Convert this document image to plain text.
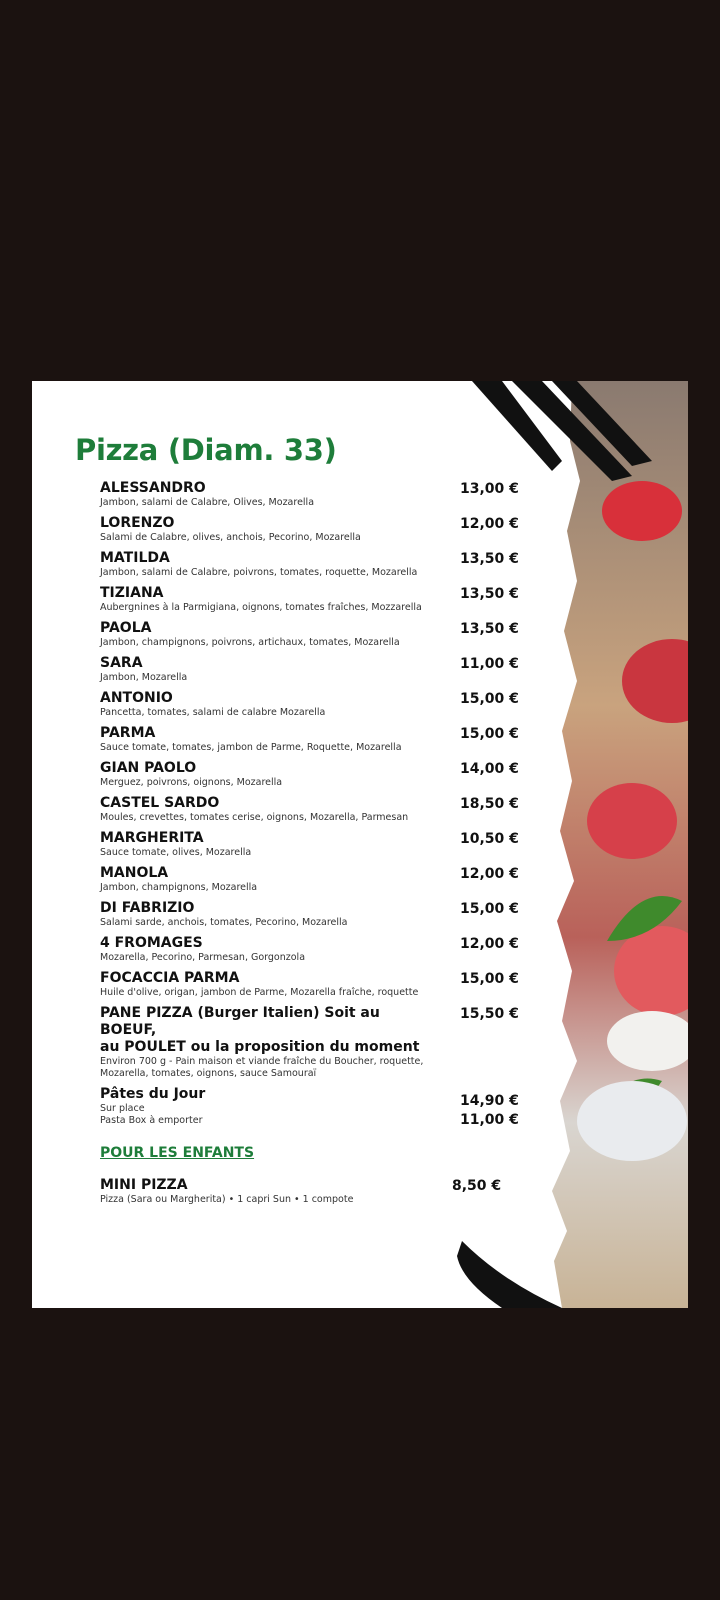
Pizza (Diam. 33)
ALESSANDRO
Jambon, salami de Calabre, Olives, Mozarella
13,00 €
LORENZO
Salami de Calabre, olives, anchois, Pecorino, Mozarella
12,00 €
MATILDA
Jambon, salami de Calabre, poivrons, tomates, roquette, Mozarella
13,50 €
TIZIANA
Aubergnines à la Parmigiana, oignons, tomates fraîches, Mozzarella
13,50 €
PAOLA
Jambon, champignons, poivrons, artichaux, tomates, Mozarella
13,50 €
SARA
Jambon, Mozarella
11,00 €
ANTONIO
Pancetta, tomates, salami de calabre Mozarella
15,00 €
PARMA
Sauce tomate, tomates, jambon de Parme, Roquette, Mozarella
15,00 €
GIAN PAOLO
Merguez, poivrons, oignons, Mozarella
14,00 €
CASTEL SARDO
Moules, crevettes, tomates cerise, oignons, Mozarella, Parmesan
18,50 €
MARGHERITA
Sauce tomate, olives, Mozarella
10,50 €
MANOLA
Jambon, champignons, Mozarella
12,00 €
DI FABRIZIO
Salami sarde, anchois, tomates, Pecorino, Mozarella
15,00 €
4 FROMAGES
Mozarella, Pecorino, Parmesan, Gorgonzola
12,00 €
FOCACCIA PARMA
Huile d'olive, origan, jambon de Parme, Mozarella fraîche, roquette
15,00 €
PANE PIZZA (Burger Italien) Soit au BOEUF,
au POULET ou la proposition du moment
Environ 700 g - Pain maison et viande fraîche du Boucher, roquette,
Mozarella, tomates, oignons, sauce Samouraï
15,50 €
Pâtes du Jour
Sur place
Pasta Box à emporter
14,90 €
11,00 €
POUR LES ENFANTS
MINI PIZZA
Pizza (Sara ou Margherita) • 1 capri Sun • 1 compote
8,50 €
